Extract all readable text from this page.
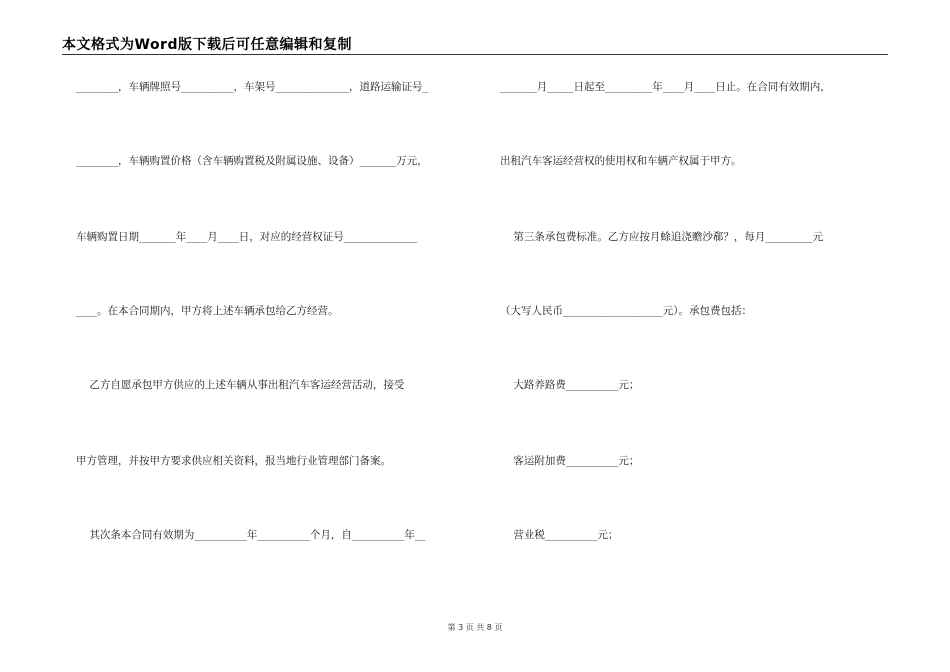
本文格式为Word版下载后可任意编辑和复制
________，车辆牌照号__________，车架号______________，道路运输证号_
________，车辆购置价格（含车辆购置税及附属设施、设备）_______万元，
车辆购置日期_______年____月____日，对应的经营权证号______________
____。在本合同期内，甲方将上述车辆承包给乙方经营。
乙方自愿承包甲方供应的上述车辆从事出租汽车客运经营活动，接受
甲方管理，并按甲方要求供应相关资料，报当地行业管理部门备案。
其次条本合同有效期为__________年__________个月，自__________年__
_______月_____日起至_________年____月____日止。在合同有效期内，
出租汽车客运经营权的使用权和车辆产权属于甲方。
第三条承包费标准。乙方应按月蜍追浇赡沙郗？，每月_________元
（大写人民币___________________元）。承包费包括：
大路养路费__________元；
客运附加费__________元；
营业税__________元；
第 3 页 共 8 页
